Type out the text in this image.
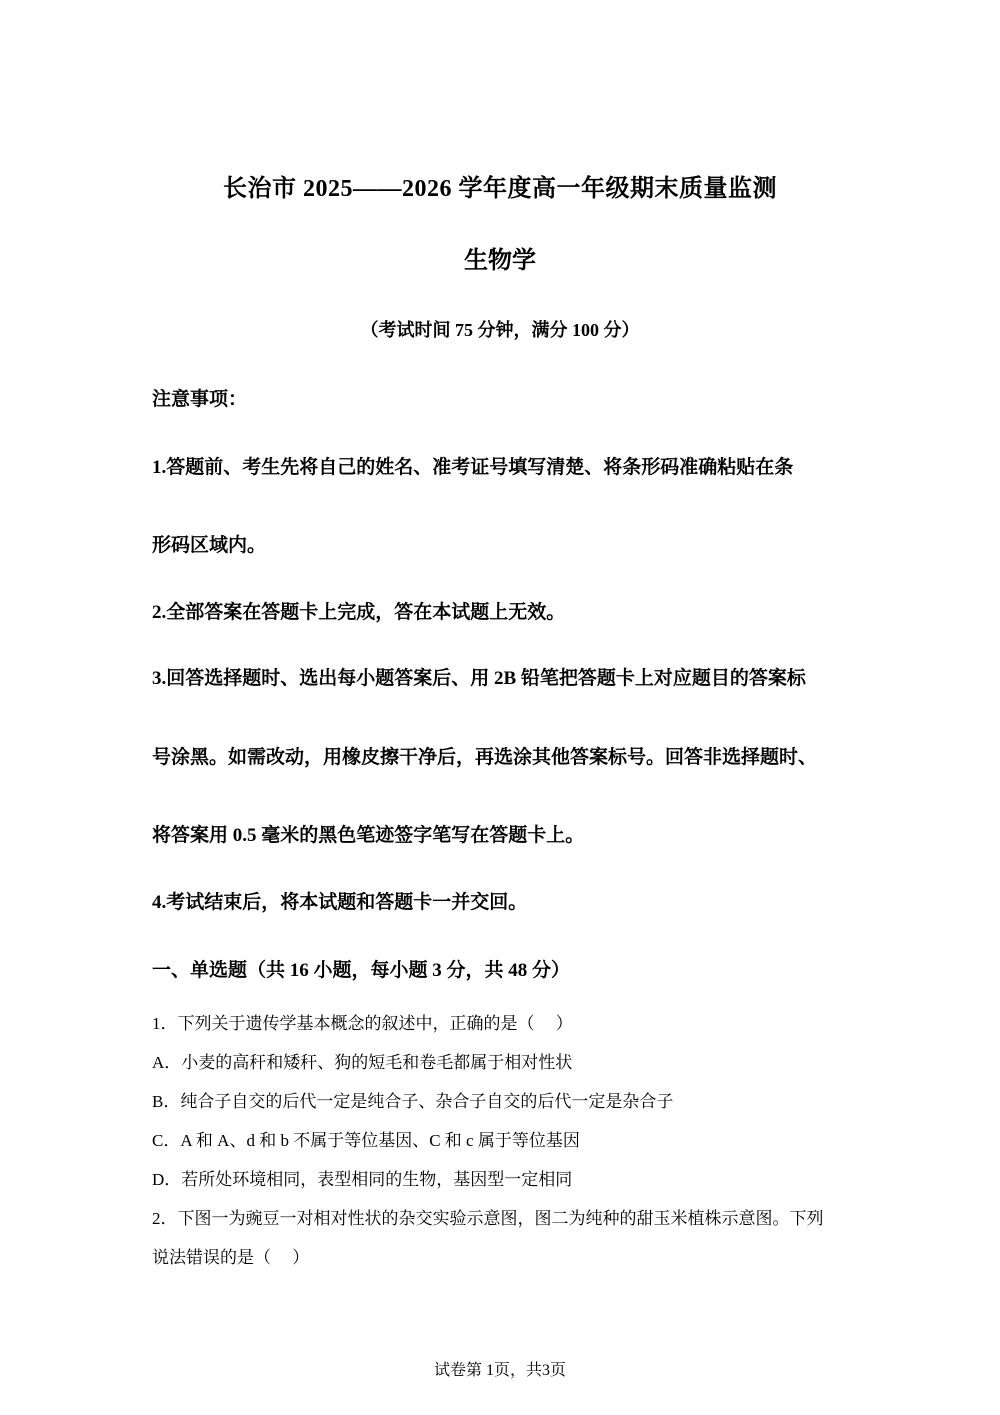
长治市 2025——2026 学年度高一年级期末质量监测
生物学
（考试时间 75 分钟，满分 100 分）
注意事项：
1.答题前、考生先将自己的姓名、准考证号填写清楚、将条形码准确粘贴在条
形码区域内。
2.全部答案在答题卡上完成，答在本试题上无效。
3.回答选择题时、选出每小题答案后、用 2B 铅笔把答题卡上对应题目的答案标
号涂黑。如需改动，用橡皮擦干净后，再选涂其他答案标号。回答非选择题时、
将答案用 0.5 毫米的黑色笔迹签字笔写在答题卡上。
4.考试结束后，将本试题和答题卡一并交回。
一、单选题（共 16 小题，每小题 3 分，共 48 分）
1．下列关于遗传学基本概念的叙述中，正确的是（　 ）
A．小麦的高秆和矮秆、狗的短毛和卷毛都属于相对性状
B．纯合子自交的后代一定是纯合子、杂合子自交的后代一定是杂合子
C．A 和 A、d 和 b 不属于等位基因、C 和 c 属于等位基因
D．若所处环境相同，表型相同的生物，基因型一定相同
2．下图一为豌豆一对相对性状的杂交实验示意图，图二为纯种的甜玉米植株示意图。下列
说法错误的是（　 ）
试卷第 1页，共3页
